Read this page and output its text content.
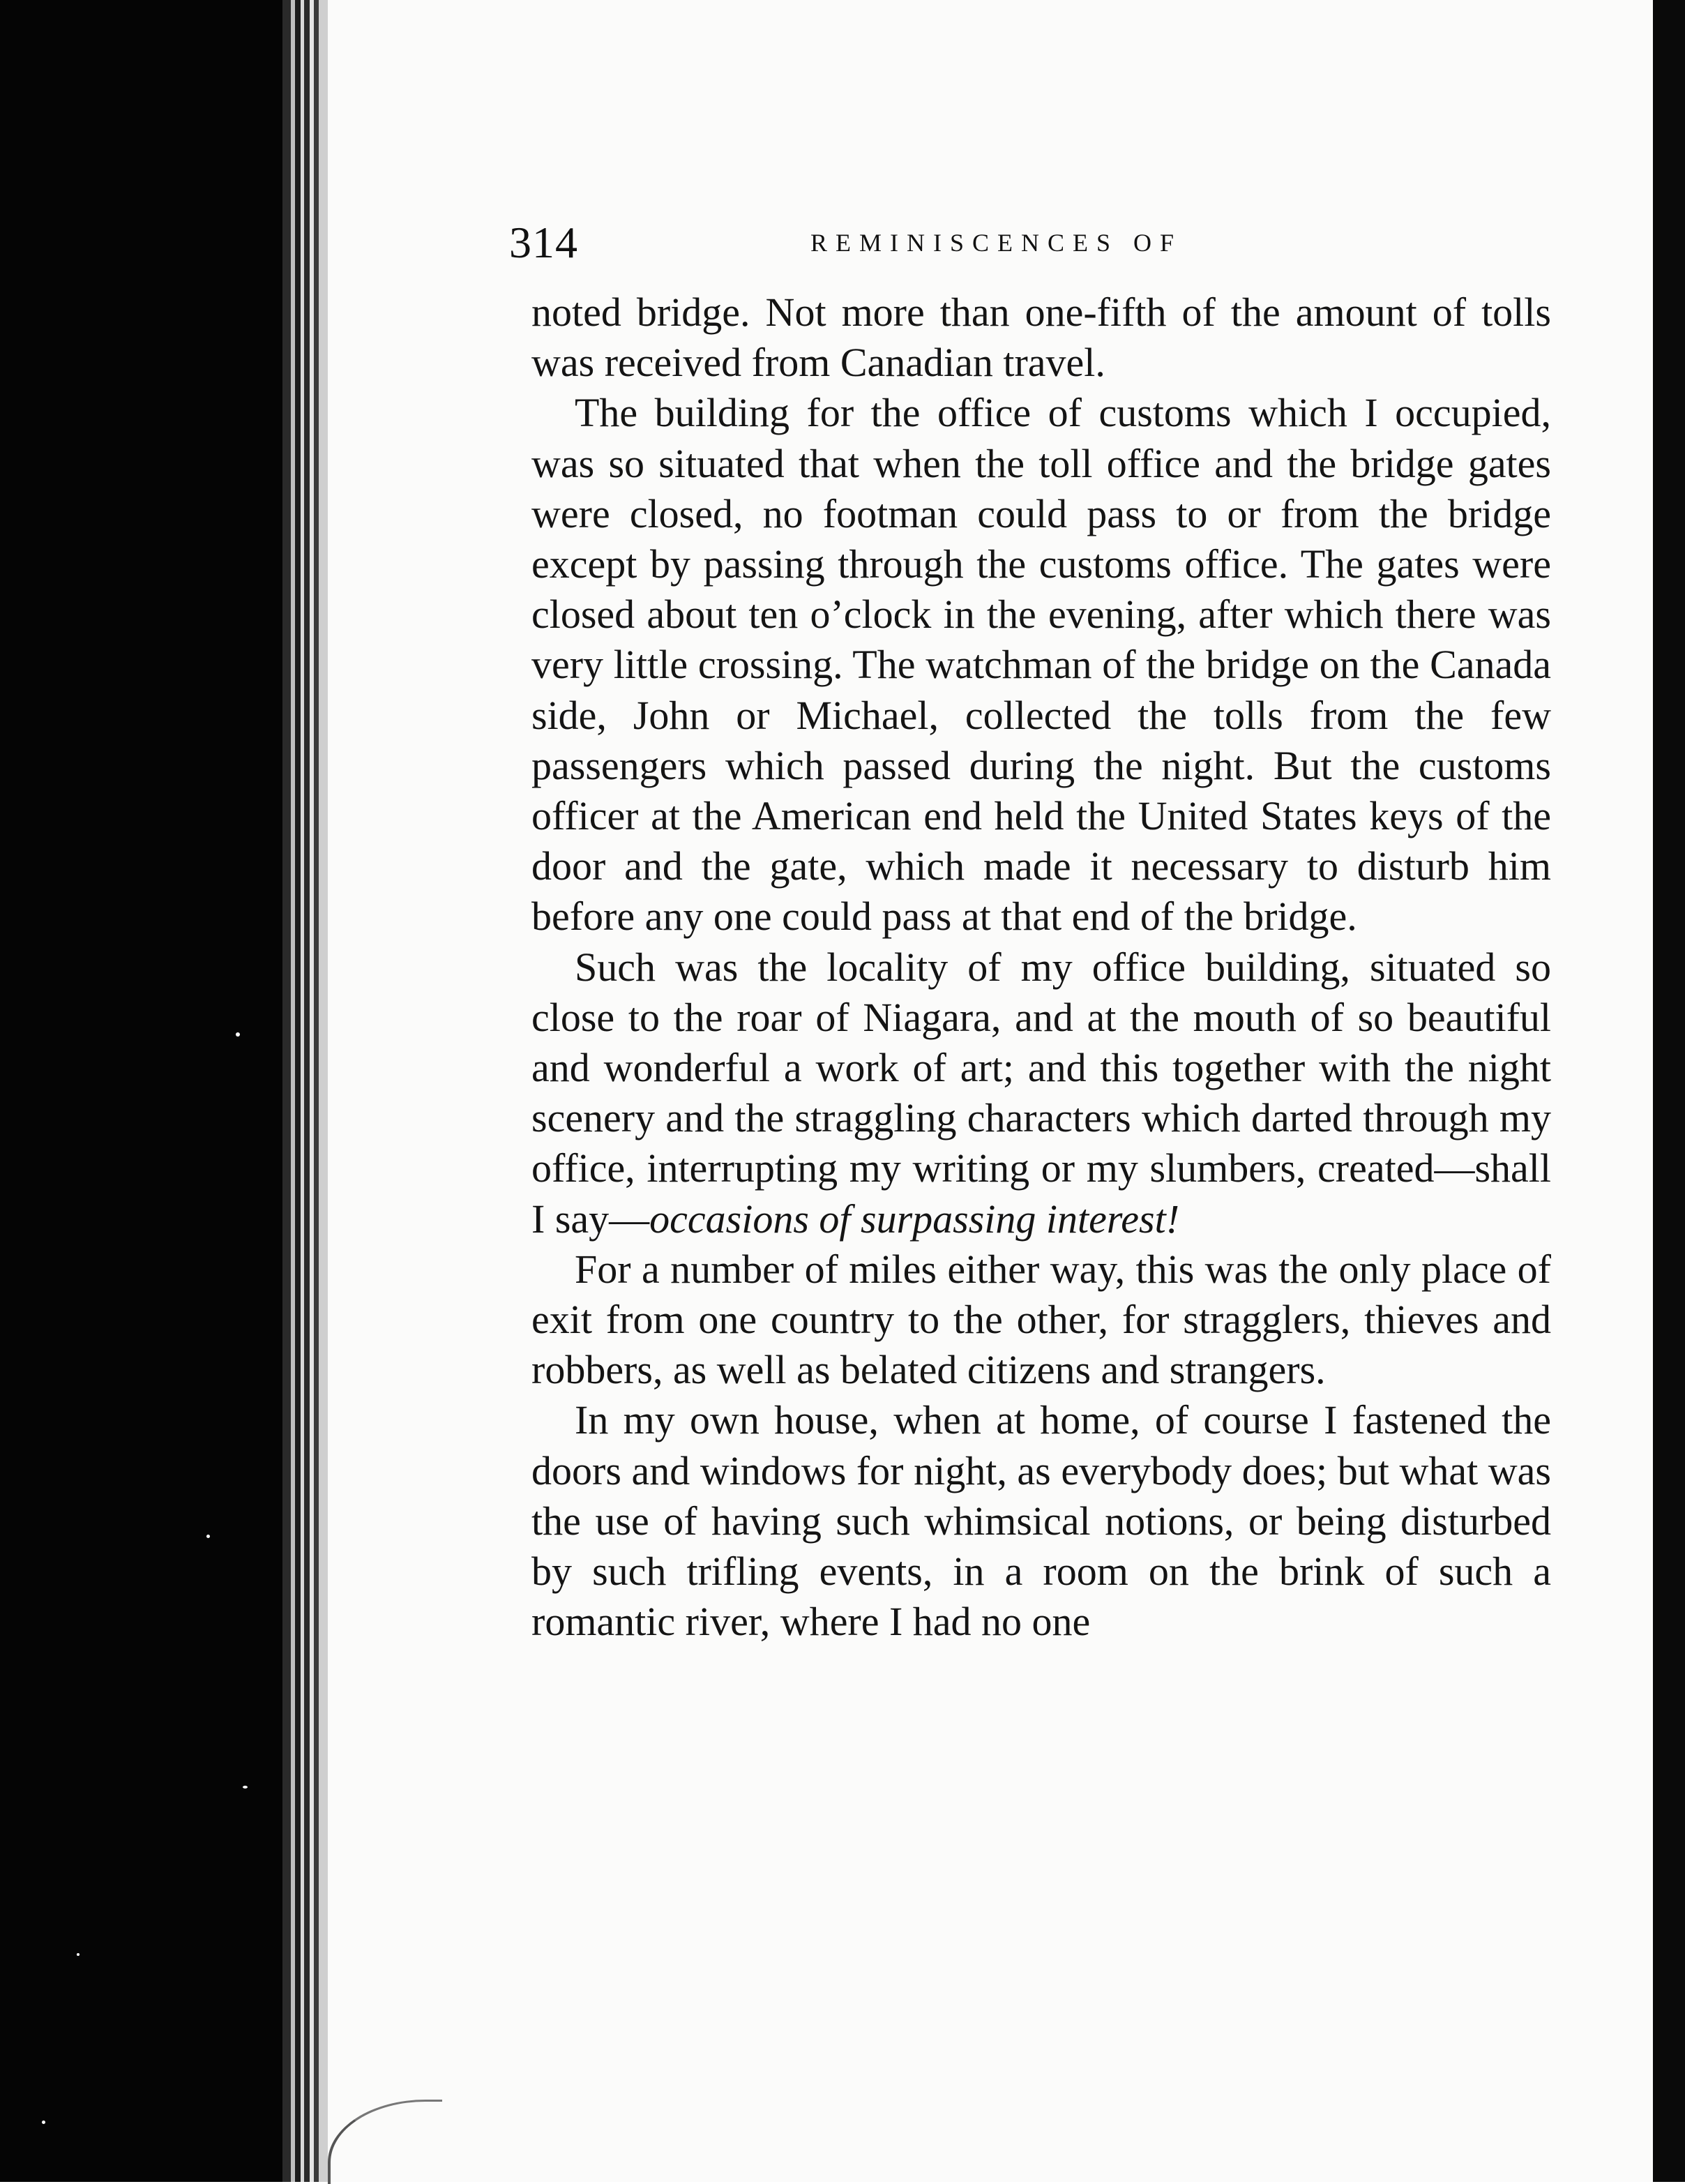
314	REMINISCENCES OF

noted bridge. Not more than one-fifth of the amount of tolls was received from Canadian travel.

The building for the office of customs which I occupied, was so situated that when the toll office and the bridge gates were closed, no footman could pass to or from the bridge except by passing through the customs office. The gates were closed about ten o’clock in the evening, after which there was very little crossing. The watchman of the bridge on the Canada side, John or Michael, collected the tolls from the few passengers which passed during the night. But the customs officer at the American end held the United States keys of the door and the gate, which made it necessary to disturb him before any one could pass at that end of the bridge.

Such was the locality of my office building, situated so close to the roar of Niagara, and at the mouth of so beautiful and wonderful a work of art; and this together with the night scenery and the straggling characters which darted through my office, interrupting my writing or my slumbers, created—shall I say—occasions of surpassing interest!

For a number of miles either way, this was the only place of exit from one country to the other, for stragglers, thieves and robbers, as well as belated citizens and strangers.

In my own house, when at home, of course I fastened the doors and windows for night, as everybody does; but what was the use of having such whimsical notions, or being disturbed by such trifling events, in a room on the brink of such a romantic river, where I had no one
